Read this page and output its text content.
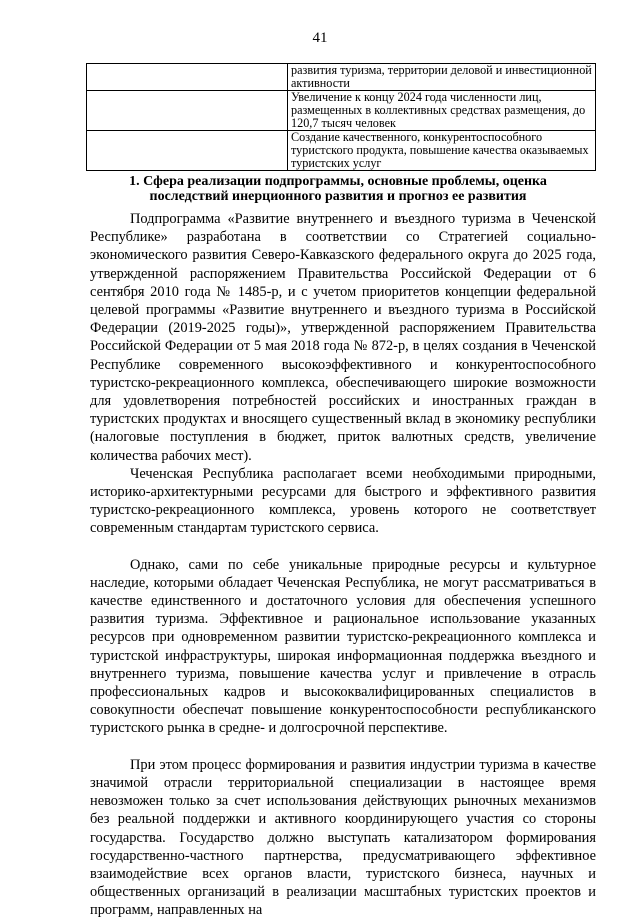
41
	развития туризма, территории деловой и инвестиционной активности
	Увеличение к концу 2024 года численности лиц, размещенных в коллективных средствах размещения, до 120,7 тысяч человек
	Создание качественного, конкурентоспособного туристского продукта, повышение качества оказываемых туристских услуг
1. Сфера реализации подпрограммы, основные проблемы, оценка последствий инерционного развития и прогноз ее развития

Подпрограмма «Развитие внутреннего и въездного туризма в Чеченской Республике» разработана в соответствии со Стратегией социально-экономического развития Северо-Кавказского федерального округа до 2025 года, утвержденной распоряжением Правительства Российской Федерации от 6 сентября 2010 года № 1485-р, и с учетом приоритетов концепции федеральной целевой программы «Развитие внутреннего и въездного туризма в Российской Федерации (2019-2025 годы)», утвержденной распоряжением Правительства Российской Федерации от 5 мая 2018 года № 872-р, в целях создания в Чеченской Республике современного высокоэффективного и конкурентоспособного туристско-рекреационного комплекса, обеспечивающего широкие возможности для удовлетворения потребностей российских и иностранных граждан в туристских продуктах и вносящего существенный вклад в экономику республики (налоговые поступления в бюджет, приток валютных средств, увеличение количества рабочих мест).

Чеченская Республика располагает всеми необходимыми природными, историко-архитектурными ресурсами для быстрого и эффективного развития туристско-рекреационного комплекса, уровень которого не соответствует современным стандартам туристского сервиса.

Однако, сами по себе уникальные природные ресурсы и культурное наследие, которыми обладает Чеченская Республика, не могут рассматриваться в качестве единственного и достаточного условия для обеспечения успешного развития туризма. Эффективное и рациональное использование указанных ресурсов при одновременном развитии туристско-рекреационного комплекса и туристской инфраструктуры, широкая информационная поддержка въездного и внутреннего туризма, повышение качества услуг и привлечение в отрасль профессиональных кадров и высококвалифицированных специалистов в совокупности обеспечат повышение конкурентоспособности республиканского туристского рынка в средне- и долгосрочной перспективе.

При этом процесс формирования и развития индустрии туризма в качестве значимой отрасли территориальной специализации в настоящее время невозможен только за счет использования действующих рыночных механизмов без реальной поддержки и активного координирующего участия со стороны государства. Государство должно выступать катализатором формирования государственно-частного партнерства, предусматривающего эффективное взаимодействие всех органов власти, туристского бизнеса, научных и общественных организаций в реализации масштабных туристских проектов и программ, направленных на
